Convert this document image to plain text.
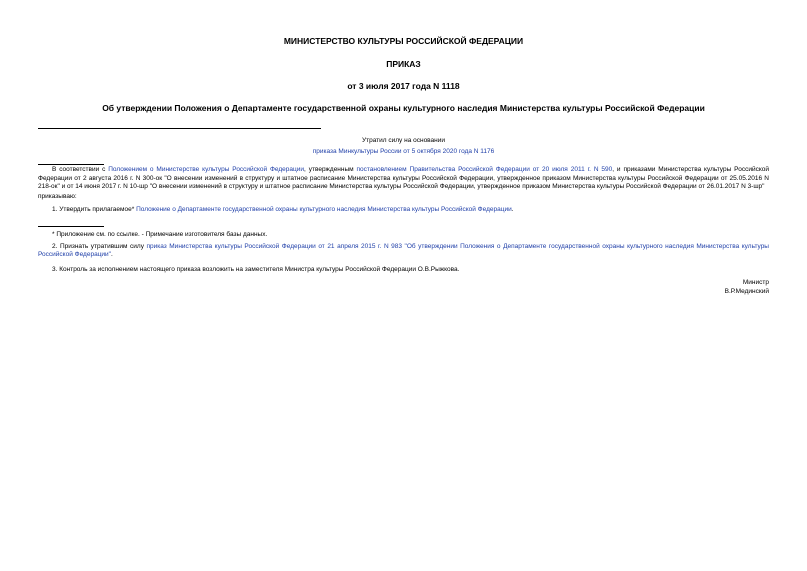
МИНИСТЕРСТВО КУЛЬТУРЫ РОССИЙСКОЙ ФЕДЕРАЦИИ
ПРИКАЗ
от 3 июля 2017 года N 1118
Об утверждении Положения о Департаменте государственной охраны культурного наследия Министерства культуры Российской Федерации
Утратил силу на основании
приказа Минкультуры России от 5 октября 2020 года N 1176

В соответствии с Положением о Министерстве культуры Российской Федерации, утвержденным постановлением Правительства Российской Федерации от 20 июля 2011 г. N 590, и приказами Министерства культуры Российской Федерации от 2 августа 2016 г. N 300-ок "О внесении изменений в структуру и штатное расписание Министерства культуры Российской Федерации, утвержденное приказом Министерства культуры Российской Федерации от 25.05.2016 N 218-ок" и от 14 июня 2017 г. N 10-шр "О внесении изменений в структуру и штатное расписание Министерства культуры Российской Федерации, утвержденное приказом Министерства культуры Российской Федерации от 26.01.2017 N 3-шр"

приказываю:

1. Утвердить прилагаемое* Положение о Департаменте государственной охраны культурного наследия Министерства культуры Российской Федерации.

* Приложение см. по ссылке. - Примечание изготовителя базы данных.

2. Признать утратившим силу приказ Министерства культуры Российской Федерации от 21 апреля 2015 г. N 983 "Об утверждении Положения о Департаменте государственной охраны культурного наследия Министерства культуры Российской Федерации".

3. Контроль за исполнением настоящего приказа возложить на заместителя Министра культуры Российской Федерации О.В.Рыжкова.

Министр
В.Р.Мединский
